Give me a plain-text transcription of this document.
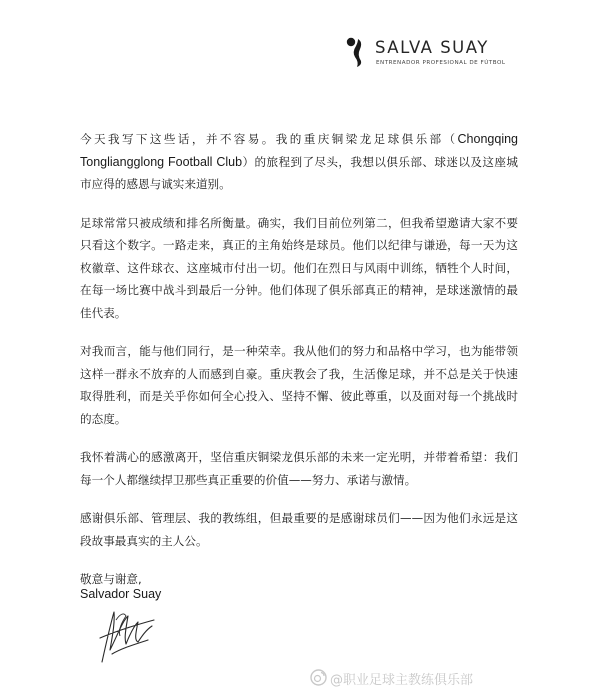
SALVA SUAY
ENTRENADOR PROFESIONAL DE FÚTBOL

今天我写下这些话，并不容易。我的重庆铜梁龙足球俱乐部（Chongqing Tongliangglong Football Club）的旅程到了尽头，我想以俱乐部、球迷以及这座城市应得的感恩与诚实来道别。

足球常常只被成绩和排名所衡量。确实，我们目前位列第二，但我希望邀请大家不要只看这个数字。一路走来，真正的主角始终是球员。他们以纪律与谦逊，每一天为这枚徽章、这件球衣、这座城市付出一切。他们在烈日与风雨中训练，牺牲个人时间，在每一场比赛中战斗到最后一分钟。他们体现了俱乐部真正的精神，是球迷激情的最佳代表。

对我而言，能与他们同行，是一种荣幸。我从他们的努力和品格中学习，也为能带领这样一群永不放弃的人而感到自豪。重庆教会了我，生活像足球，并不总是关于快速取得胜利，而是关乎你如何全心投入、坚持不懈、彼此尊重，以及面对每一个挑战时的态度。

我怀着满心的感激离开，坚信重庆铜梁龙俱乐部的未来一定光明，并带着希望：我们每一个人都继续捍卫那些真正重要的价值——努力、承诺与激情。

感谢俱乐部、管理层、我的教练组，但最重要的是感谢球员们——因为他们永远是这段故事最真实的主人公。

敬意与谢意,

Salvador Suay
@职业足球主教练俱乐部
